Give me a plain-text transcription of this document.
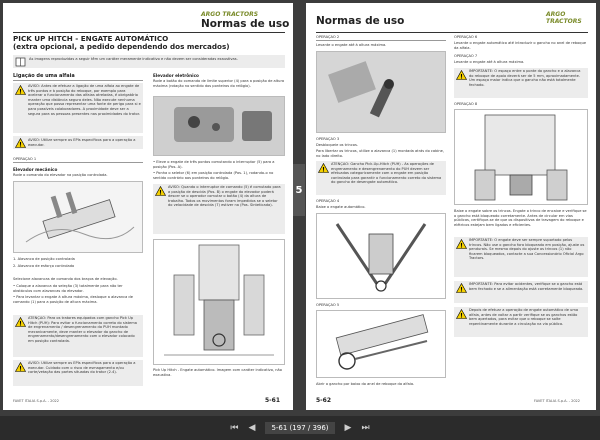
ARGO TRACTORS
Normas de uso
PICK UP HITCH - ENGATE AUTOMÁTICO
(extra opcional, a pedido dependendo dos mercados)
As imagens reproduzidas a seguir têm um caráter meramente indicativo e não devem ser consideradas exaustivas.
Ligação de uma alfaia
!
AVISO: Antes de efetuar a ligação de uma alfaia ao engate de três pontos e à posição do reboque, por exemplo para acelerar o funcionamento das alfaias atreladas, é obrigatório manter uma distância segura deles. Não execute nenhuma operação que possa representar uma fonte de perigo para si e para possíveis colaboradores. A proximidade deve ser a segura para as pessoas presentes nas proximidades do trator.
!
AVISO: Utilize sempre os EPIs específicos para a operação a executar.
OPERAÇÃO 1
Elevador mecânico
Rode o comando do elevador na posição controlada.
1. Alavanca de posição controlada
2. Alavanca de esforço controlado
Selecione alavancas de comando dos braços de elevação.
• Coloque a alavanca da seleção (3) totalmente para não ter obstáculos com alavancas do elevador.
• Para levantar o engate à altura máxima, desloque a alavanca de comando (1) para a posição de altura máxima.
!
ATENÇÃO: Para os tratores equipados com gancho Pick Up Hitch (PUH): Para evitar o funcionamento correto do sistema de engrenamento / desengrenamento do PUH montado mecanicamente, deve manter o elevador do gancho de engrenamento/desengrenamento com o elevador colocado em posição controlada.
!
AVISO: Utilize sempre os EPIs específicos para a operação a executar. Cuidado com o risco de esmagamento e/ou corte/vetação das partes situadas do trator (2.4).
Elevador eletrônico
Rode a botão do comando de limite superior (4) para a posição de altura máxima (rotação no sentido dos ponteiros do relógio).
• Eleve o engate de três pontos comutando o interruptor (5) para a posição (Pos. A).
• Ponha o seletor (6) em posição controlada (Pos. 1), rodando-o no sentido contrário aos ponteiros do relógio.
!
AVISO: Quando o interruptor de comando (5) é comutado para a posição de descida (Pos. B) o engate do elevador poderá descer se o operador comutar o botão (4) da altura de trabalho. Todos os movimentos foram impedidos se o seletor do velocidade de descida (7) estiver na (Pos. Sinteticada).
Pick Up Hitch - Engate automático. Imagem com caráter indicativo, não exaustiva.
FAVET ITALIA S.p.A. - 2022	5-61
5
Normas de uso
ARGO TRACTORS
OPERAÇÃO 2
Levante o engate até à altura máxima.
OPERAÇÃO 3
Desbloqueie os trincos.
Para libertar os trincos, utilize a alavanca (1) montada atrás do cabine, no lado direito.
!
ATENÇÃO: Gancho Pick-Up-Hitch (PUH) - As operações de engrenamento e desengrenamento do PUH devem ser efetuadas categoricamente com o engate em posição controlada para garantir o funcionamento correto do sistema do gancho de desengate automático.
OPERAÇÃO 4
Baixe o engate automático.
OPERAÇÃO 5
Abrir o gancho por baixo do anel de reboque da alfaia.
OPERAÇÃO 6
Levante o engate automático até introduzir o gancho no anel de reboque da alfaia.
OPERAÇÃO 7
Levante o engate até à altura máxima.
!
IMPORTANTE: O espaço entre a ponte do gancho e a alavanca do reboque de apoio deverá ser de 5 mm, aproximadamente. Um espaço maior indica que o gancho não está totalmente fechado.
OPERAÇÃO 8
Baixe o engate sobre os trincos. Engate o trinco de encaixe e verifique se o gancho está bloqueado corretamente. Antes de circular em vias públicas, certifique-se de que os dispositivos de travagem do reboque e elétricos estejam bem ligados e eficientes.
!
IMPORTANTE: O engate deve ser sempre suportado pelos trincos. Não use o gancho fora bloqueado em posição, ajuste os pendurais. Se mesmo depois do ajuste os trincos (1) não ficarem bloqueados, contacte a sua Concessionário Oficial Argo Tractors.
!
IMPORTANTE: Para evitar acidentes, verifique se o gancho está bem fechado e se a alimentação está corretamente bloqueada.
!
Depois de efetuar a operação de engate automático de uma alfaia, antes de voltar a partir verifique se os ganchos estão bem apertados, para evitar que o reboque se solte repentinamente durante a circulação na via pública.
5-62	FAVET ITALIA S.p.A. - 2022
⏮ ◀	5-61 (197 / 396)	▶ ⏭
